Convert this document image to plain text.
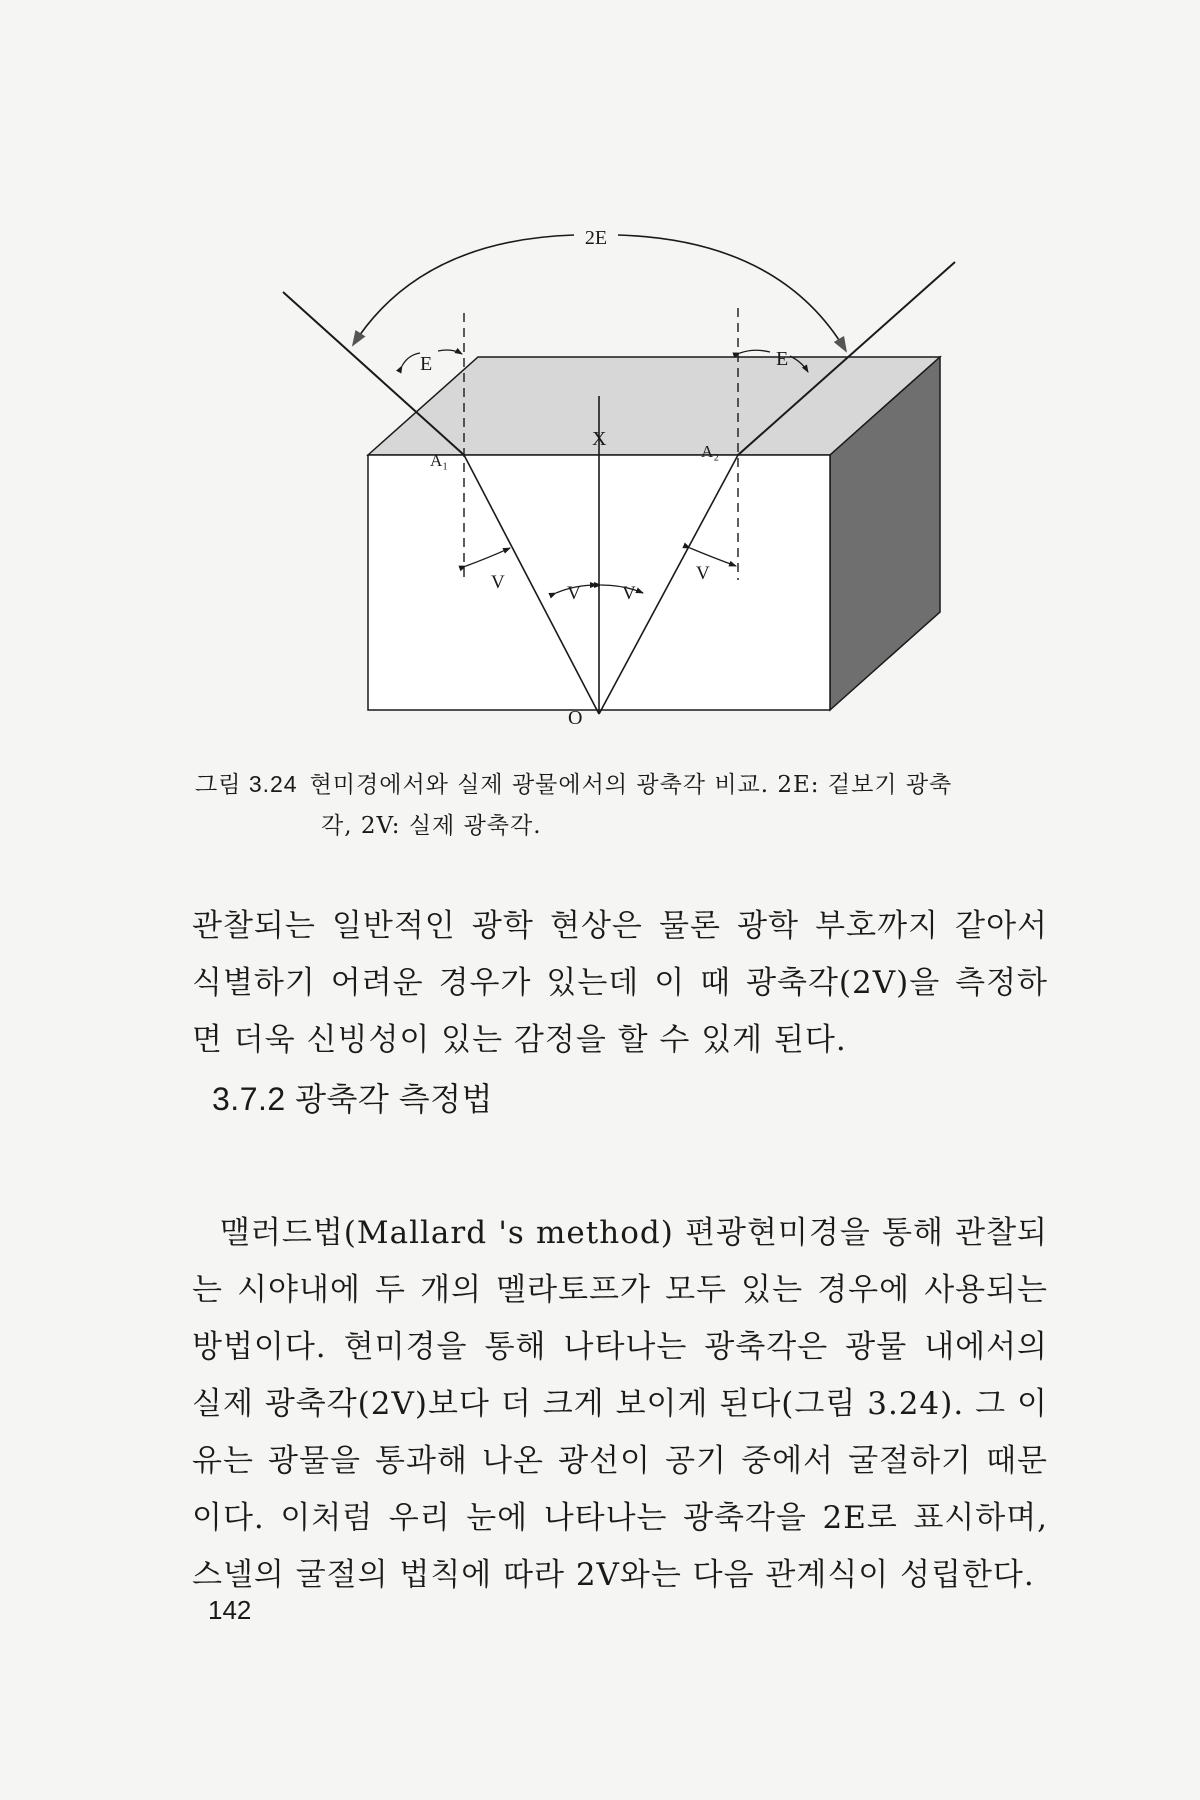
2E
E	E
X
A₁	A₂
O
V
V V
V
그림 3.24 현미경에서와 실제 광물에서의 광축각 비교. 2E: 겉보기 광축
각, 2V: 실제 광축각.
관찰되는 일반적인 광학 현상은 물론 광학 부호까지 같아서 식별하기 어려운 경우가 있는데 이 때 광축각(2V)을 측정하면 더욱 신빙성이 있는 감정을 할 수 있게 된다.
3.7.2 광축각 측정법
맬러드법(Mallard 's method) 편광현미경을 통해 관찰되는 시야내에 두 개의 멜라토프가 모두 있는 경우에 사용되는 방법이다. 현미경을 통해 나타나는 광축각은 광물 내에서의 실제 광축각(2V)보다 더 크게 보이게 된다(그림 3.24). 그 이유는 광물을 통과해 나온 광선이 공기 중에서 굴절하기 때문이다. 이처럼 우리 눈에 나타나는 광축각을 2E로 표시하며, 스넬의 굴절의 법칙에 따라 2V와는 다음 관계식이 성립한다.
142
